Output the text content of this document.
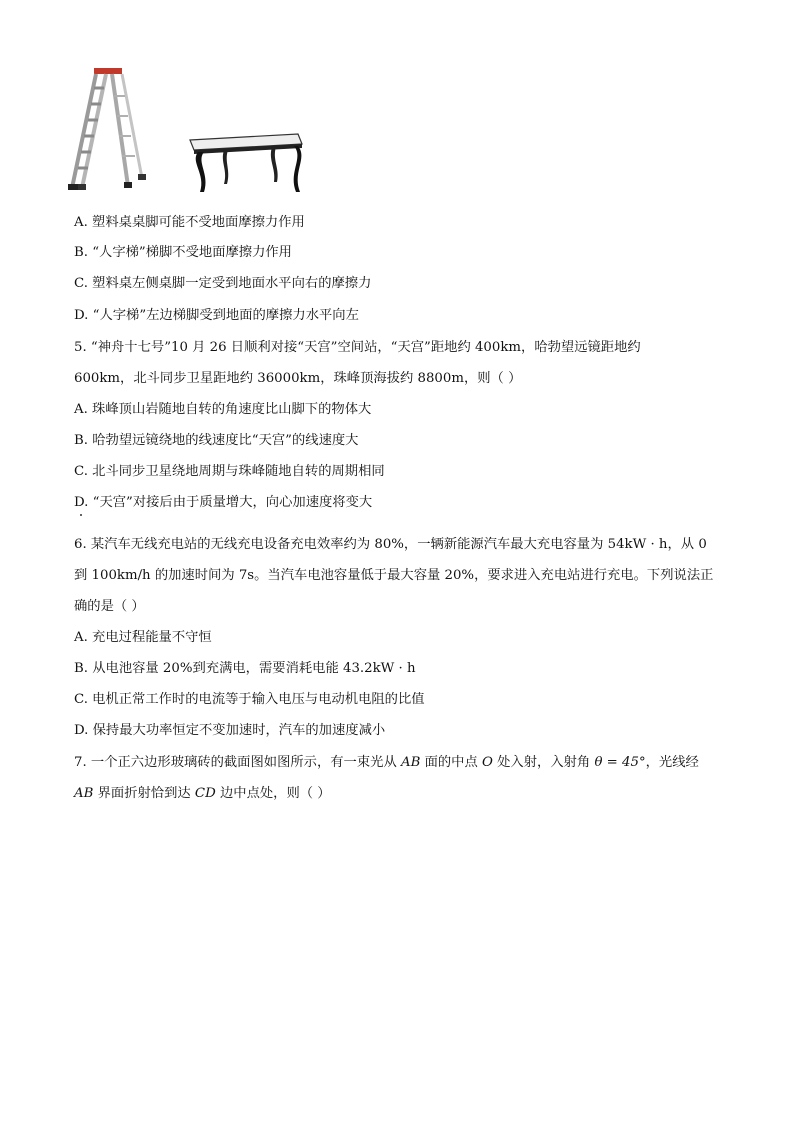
A. 塑料桌桌脚可能不受地面摩擦力作用
B. “人字梯”梯脚不受地面摩擦力作用
C. 塑料桌左侧桌脚一定受到地面水平向右的摩擦力
D. “人字梯”左边梯脚受到地面的摩擦力水平向左
5. “神舟十七号”10 月 26 日顺利对接“天宫”空间站，“天宫”距地约 400km，哈勃望远镜距地约
600km，北斗同步卫星距地约 36000km，珠峰顶海拔约 8800m，则（ ）
A. 珠峰顶山岩随地自转的角速度比山脚下的物体大
B. 哈勃望远镜绕地的线速度比“天宫”的线速度大
C. 北斗同步卫星绕地周期与珠峰随地自转的周期相同
D. “天宫”对接后由于质量增大，向心加速度将变大
6. 某汽车无线充电站的无线充电设备充电效率约为 80%，一辆新能源汽车最大充电容量为 54kW · h，从 0
到 100km/h 的加速时间为 7s。当汽车电池容量低于最大容量 20%，要求进入充电站进行充电。下列说法正
确的是（ ）
A. 充电过程能量不守恒
B. 从电池容量 20%到充满电，需要消耗电能 43.2kW · h
C. 电机正常工作时的电流等于输入电压与电动机电阻的比值
D. 保持最大功率恒定不变加速时，汽车的加速度减小
7. 一个正六边形玻璃砖的截面图如图所示，有一束光从 AB 面的中点 O 处入射，入射角 θ = 45°，光线经
AB 界面折射恰到达 CD 边中点处，则（ ）
